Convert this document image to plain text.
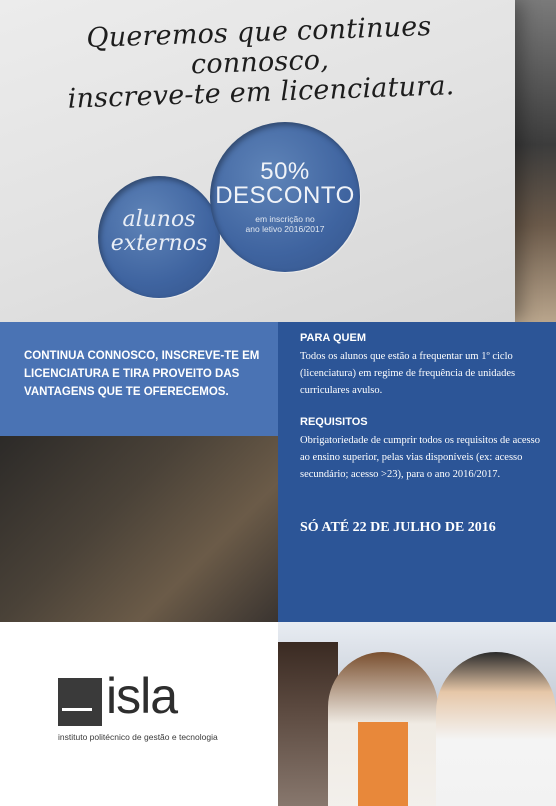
Queremos que continues connosco,
inscreve-te em licenciatura.
alunos
externos
50%
DESCONTO
em inscrição no
ano letivo 2016/2017
CONTINUA CONNOSCO, INSCREVE-TE EM LICENCIATURA E TIRA PROVEITO DAS VANTAGENS QUE TE OFERECEMOS.
PARA QUEM
Todos os alunos que estão a frequentar um 1º ciclo (licenciatura) em regime de frequência de unidades curriculares avulso.
REQUISITOS
Obrigatoriedade de cumprir todos os requisitos de acesso ao ensino superior, pelas vias disponíveis (ex: acesso secundário; acesso >23), para o ano 2016/2017.
SÓ ATÉ 22 DE JULHO DE 2016
isla
instituto politécnico de gestão e tecnologia
